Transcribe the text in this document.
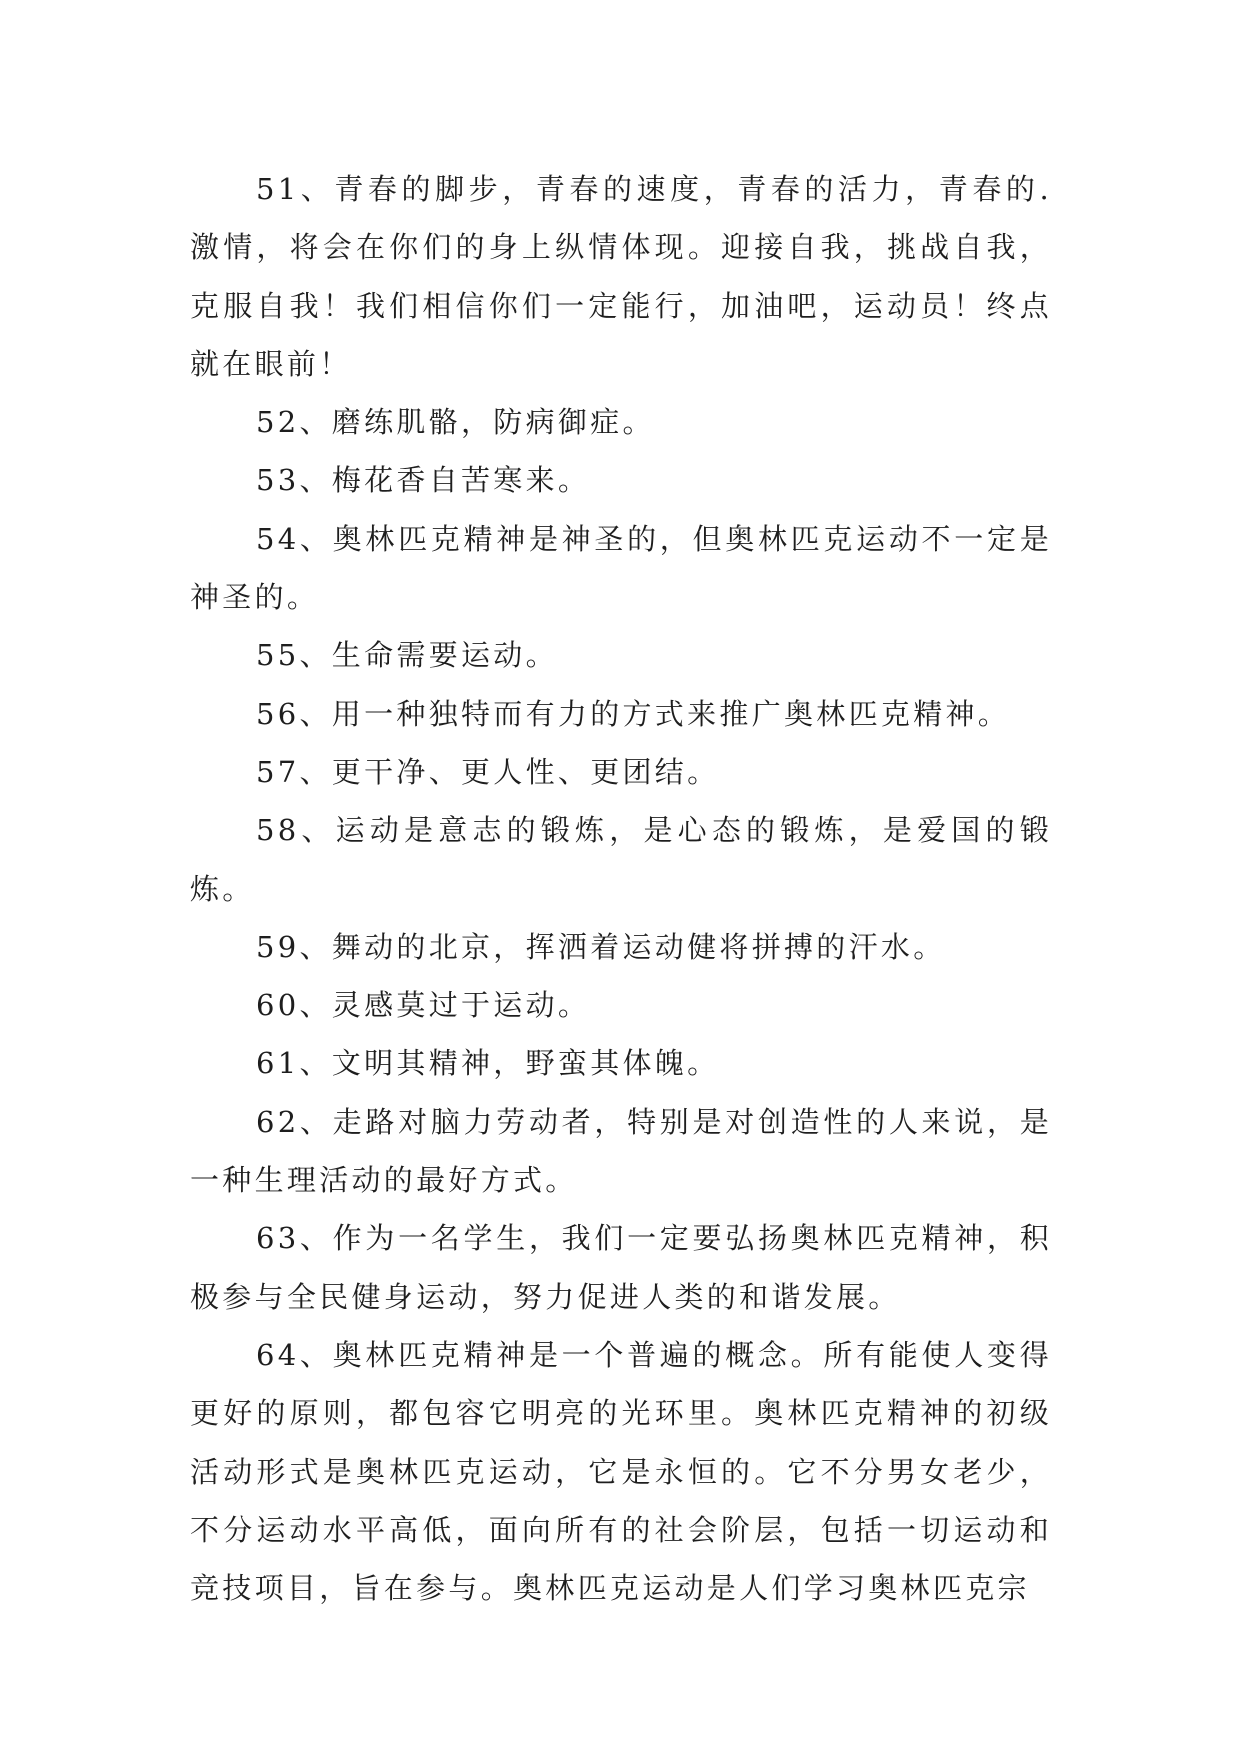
51、青春的脚步，青春的速度，青春的活力，青春的.激情，将会在你们的身上纵情体现。迎接自我，挑战自我，克服自我！我们相信你们一定能行，加油吧，运动员！终点就在眼前！

52、磨练肌骼，防病御症。

53、梅花香自苦寒来。

54、奥林匹克精神是神圣的，但奥林匹克运动不一定是神圣的。

55、生命需要运动。

56、用一种独特而有力的方式来推广奥林匹克精神。

57、更干净、更人性、更团结。

58、运动是意志的锻炼，是心态的锻炼，是爱国的锻炼。

59、舞动的北京，挥洒着运动健将拼搏的汗水。

60、灵感莫过于运动。

61、文明其精神，野蛮其体魄。

62、走路对脑力劳动者，特别是对创造性的人来说，是一种生理活动的最好方式。

63、作为一名学生，我们一定要弘扬奥林匹克精神，积极参与全民健身运动，努力促进人类的和谐发展。

64、奥林匹克精神是一个普遍的概念。所有能使人变得更好的原则，都包容它明亮的光环里。奥林匹克精神的初级活动形式是奥林匹克运动，它是永恒的。它不分男女老少，不分运动水平高低，面向所有的社会阶层，包括一切运动和竞技项目，旨在参与。奥林匹克运动是人们学习奥林匹克宗
